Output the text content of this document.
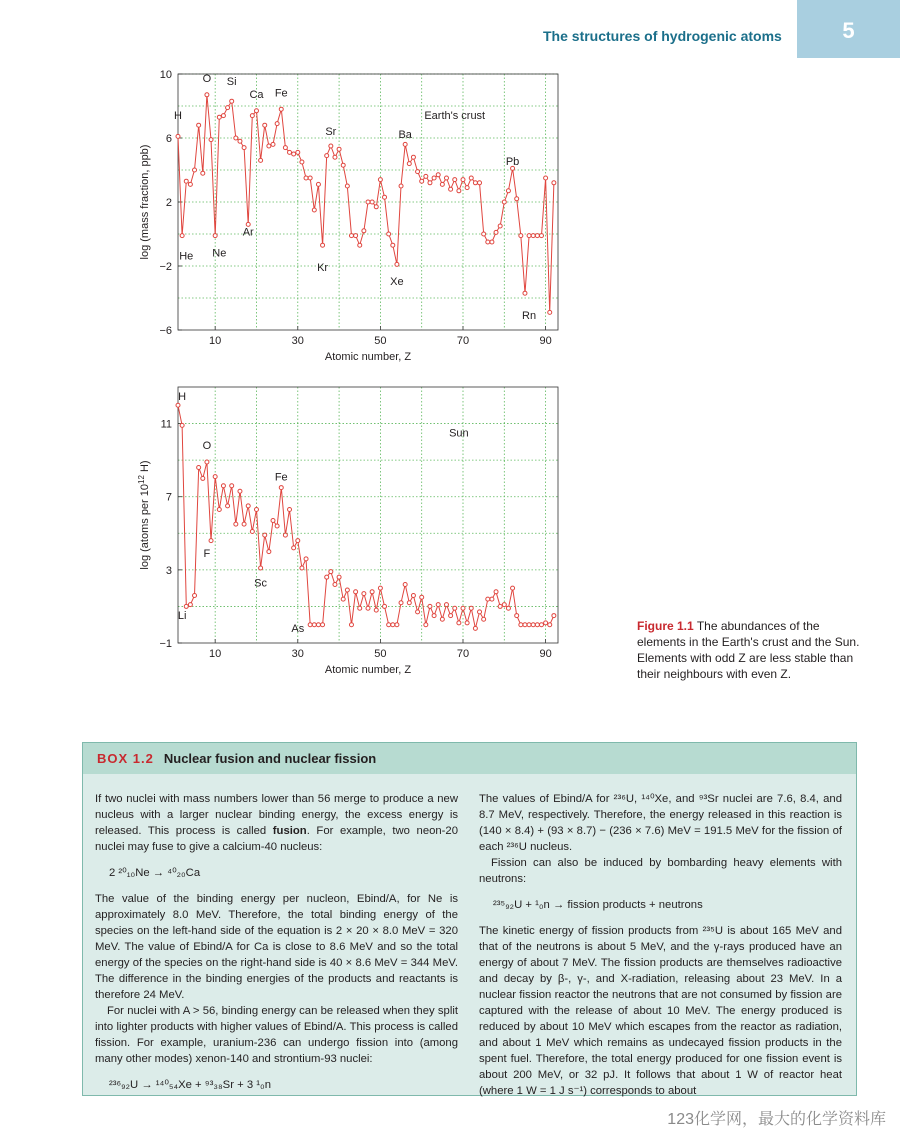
The structures of hydrogenic atoms	5
10	30	50	70	90
10
6
2
−2
−6
Atomic number, Z
log (mass fraction, ppb)
H
He
O
Ne
Si
Ca
Ar
Fe
Sr
Kr
Ba
Xe
Pb
Rn
Earth's crust
10	30	50	70	90
11
7
3
−1
Atomic number, Z
log (atoms per $10^{12}$ H)
H
O
Fe
F
Li
Sc
As
Sun
Figure 1.1 The abundances of the elements in the Earth's crust and the Sun. Elements with odd Z are less stable than their neighbours with even Z.
BOX 1.2 Nuclear fusion and nuclear fission

If two nuclei with mass numbers lower than 56 merge to produce a new nucleus with a larger nuclear binding energy, the excess energy is released. This process is called fusion. For example, two neon-20 nuclei may fuse to give a calcium-40 nucleus:

2 ²⁰₁₀Ne → ⁴⁰₂₀Ca

The value of the binding energy per nucleon, Ebind/A, for Ne is approximately 8.0 MeV. Therefore, the total binding energy of the species on the left-hand side of the equation is 2 × 20 × 8.0 MeV = 320 MeV. The value of Ebind/A for Ca is close to 8.6 MeV and so the total energy of the species on the right-hand side is 40 × 8.6 MeV = 344 MeV. The difference in the binding energies of the products and reactants is therefore 24 MeV.

For nuclei with A > 56, binding energy can be released when they split into lighter products with higher values of Ebind/A. This process is called fission. For example, uranium-236 can undergo fission into (among many other modes) xenon-140 and strontium-93 nuclei:

²³⁶₉₂U → ¹⁴⁰₅₄Xe + ⁹³₃₈Sr + 3 ¹₀n

The values of Ebind/A for ²³⁶U, ¹⁴⁰Xe, and ⁹³Sr nuclei are 7.6, 8.4, and 8.7 MeV, respectively. Therefore, the energy released in this reaction is (140 × 8.4) + (93 × 8.7) − (236 × 7.6) MeV = 191.5 MeV for the fission of each ²³⁶U nucleus.

Fission can also be induced by bombarding heavy elements with neutrons:

²³⁵₉₂U + ¹₀n → fission products + neutrons

The kinetic energy of fission products from ²³⁵U is about 165 MeV and that of the neutrons is about 5 MeV, and the γ-rays produced have an energy of about 7 MeV. The fission products are themselves radioactive and decay by β-, γ-, and X-radiation, releasing about 23 MeV. In a nuclear fission reactor the neutrons that are not consumed by fission are captured with the release of about 10 MeV. The energy produced is reduced by about 10 MeV which escapes from the reactor as radiation, and about 1 MeV which remains as undecayed fission products in the spent fuel. Therefore, the total energy produced for one fission event is about 200 MeV, or 32 pJ. It follows that about 1 W of reactor heat (where 1 W = 1 J s⁻¹) corresponds to about

123化学网，最大的化学资料库
